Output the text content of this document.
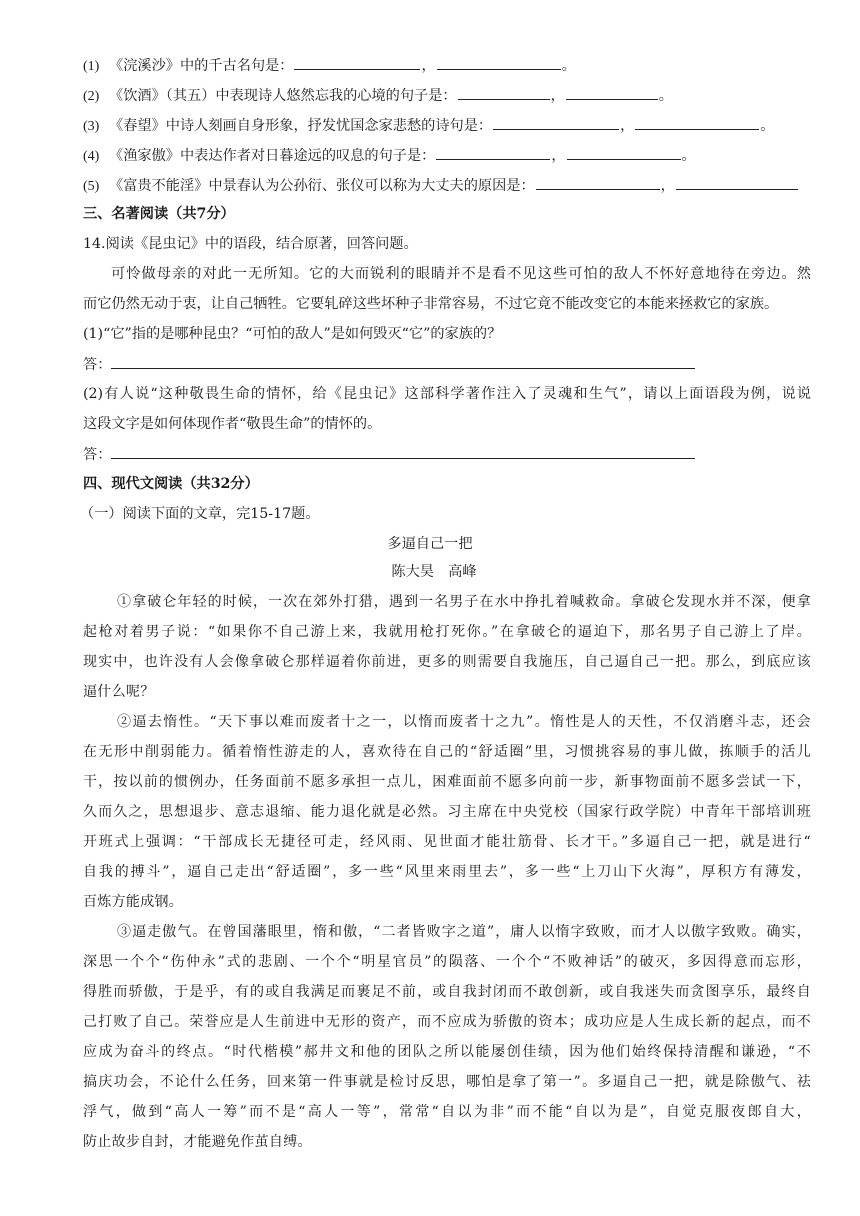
(1) 《浣溪沙》中的千古名句是：	，	。
(2) 《饮酒》（其五）中表现诗人悠然忘我的心境的句子是：	，	。
(3) 《春望》中诗人刻画自身形象，抒发忧国念家悲愁的诗句是：	，	。
(4) 《渔家傲》中表达作者对日暮途远的叹息的句子是：	，	。
(5) 《富贵不能淫》中景春认为公孙衍、张仪可以称为大丈夫的原因是：	，
三、名著阅读（共7分）
14.阅读《昆虫记》中的语段，结合原著，回答问题。
可怜做母亲的对此一无所知。它的大而锐利的眼睛并不是看不见这些可怕的敌人不怀好意地待在旁边。然
而它仍然无动于衷，让自己牺牲。它要轧碎这些坏种子非常容易，不过它竟不能改变它的本能来拯救它的家族。
(1)“它”指的是哪种昆虫？“可怕的敌人”是如何毁灭“它”的家族的？
答：
(2)有人说“这种敬畏生命的情怀，给《昆虫记》这部科学著作注入了灵魂和生气”，请以上面语段为例，说说
这段文字是如何体现作者“敬畏生命”的情怀的。
答：
四、现代文阅读（共32分）
（一）阅读下面的文章，完15-17题。
多逼自己一把
陈大昊　高峰
①拿破仑年轻的时候，一次在郊外打猎，遇到一名男子在水中挣扎着喊救命。拿破仑发现水并不深，便拿
起枪对着男子说：“如果你不自己游上来，我就用枪打死你。”在拿破仑的逼迫下，那名男子自己游上了岸。
现实中，也许没有人会像拿破仑那样逼着你前进，更多的则需要自我施压，自己逼自己一把。那么，到底应该
逼什么呢？
②逼去惰性。“天下事以难而废者十之一，以惰而废者十之九”。惰性是人的天性，不仅消磨斗志，还会
在无形中削弱能力。循着惰性游走的人，喜欢待在自己的“舒适圈”里，习惯挑容易的事儿做，拣顺手的活儿
干，按以前的惯例办，任务面前不愿多承担一点儿，困难面前不愿多向前一步，新事物面前不愿多尝试一下，
久而久之，思想退步、意志退缩、能力退化就是必然。习主席在中央党校（国家行政学院）中青年干部培训班
开班式上强调：“干部成长无捷径可走，经风雨、见世面才能壮筋骨、长才干。”多逼自己一把，就是进行“
自我的搏斗”，逼自己走出“舒适圈”，多一些“风里来雨里去”，多一些“上刀山下火海”，厚积方有薄发，
百炼方能成钢。
③逼走傲气。在曾国藩眼里，惰和傲，“二者皆败字之道”，庸人以惰字致败，而才人以傲字致败。确实，
深思一个个“伤仲永”式的悲剧、一个个“明星官员”的陨落、一个个“不败神话”的破灭，多因得意而忘形，
得胜而骄傲，于是乎，有的或自我满足而裹足不前，或自我封闭而不敢创新，或自我迷失而贪图享乐，最终自
己打败了自己。荣誉应是人生前进中无形的资产，而不应成为骄傲的资本；成功应是人生成长新的起点，而不
应成为奋斗的终点。“时代楷模”郝井文和他的团队之所以能屡创佳绩，因为他们始终保持清醒和谦逊，“不
搞庆功会，不论什么任务，回来第一件事就是检讨反思，哪怕是拿了第一”。多逼自己一把，就是除傲气、祛
浮气，做到“高人一筹”而不是“高人一等”，常常“自以为非”而不能“自以为是”，自觉克服夜郎自大，
防止故步自封，才能避免作茧自缚。
